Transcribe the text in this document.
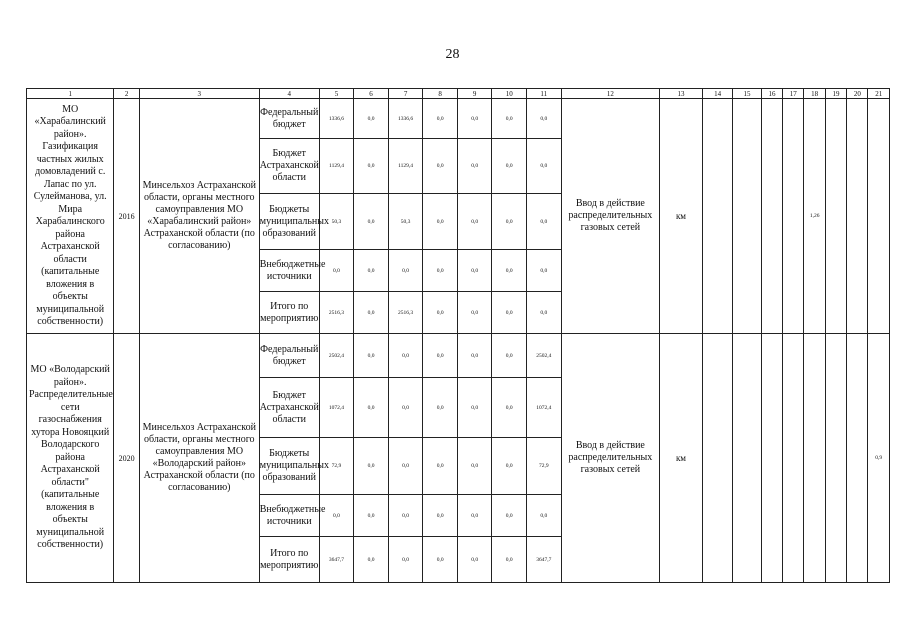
28
1	2	3	4	5	6	7	8	9	10	11	12	13	14	15	16	17	18	19	20	21
МО «Харабалинский район». Газификация частных жилых домовладений с. Лапас по ул. Сулейманова, ул. Мира Харабалинского района Астраханской области (капитальные вложения в объекты муниципальной собственности)	2016	Минсельхоз Астраханской области, органы местного самоуправления МО «Харабалинский район» Астраханской области (по согласованию)	Федеральный бюджет	1336,6	0,0	1336,6	0,0	0,0	0,0	0,0	Ввод в действие распределительных газовых сетей	км					1,26			
			Бюджет Астраханской области	1129,4	0,0	1129,4	0,0	0,0	0,0	0,0										
			Бюджеты муниципальных образований	50,3	0,0	50,3	0,0	0,0	0,0	0,0										
			Внебюджетные источники	0,0	0,0	0,0	0,0	0,0	0,0	0,0										
			Итого по мероприятию	2516,3	0,0	2516,3	0,0	0,0	0,0	0,0										
МО «Володарский район». Распределительные сети газоснабжения хутора Новояцкий Володарского района Астраханской области" (капитальные вложения в объекты муниципальной собственности)	2020	Минсельхоз Астраханской области, органы местного самоуправления МО «Володарский район» Астраханской области (по согласованию)	Федеральный бюджет	2502,4	0,0	0,0	0,0	0,0	0,0	2502,4	Ввод в действие распределительных газовых сетей	км								0,9
			Бюджет Астраханской области	1072,4	0,0	0,0	0,0	0,0	0,0	1072,4										
			Бюджеты муниципальных образований	72,9	0,0	0,0	0,0	0,0	0,0	72,9										
			Внебюджетные источники	0,0	0,0	0,0	0,0	0,0	0,0	0,0										
			Итого по мероприятию	3647,7	0,0	0,0	0,0	0,0	0,0	3647,7										
